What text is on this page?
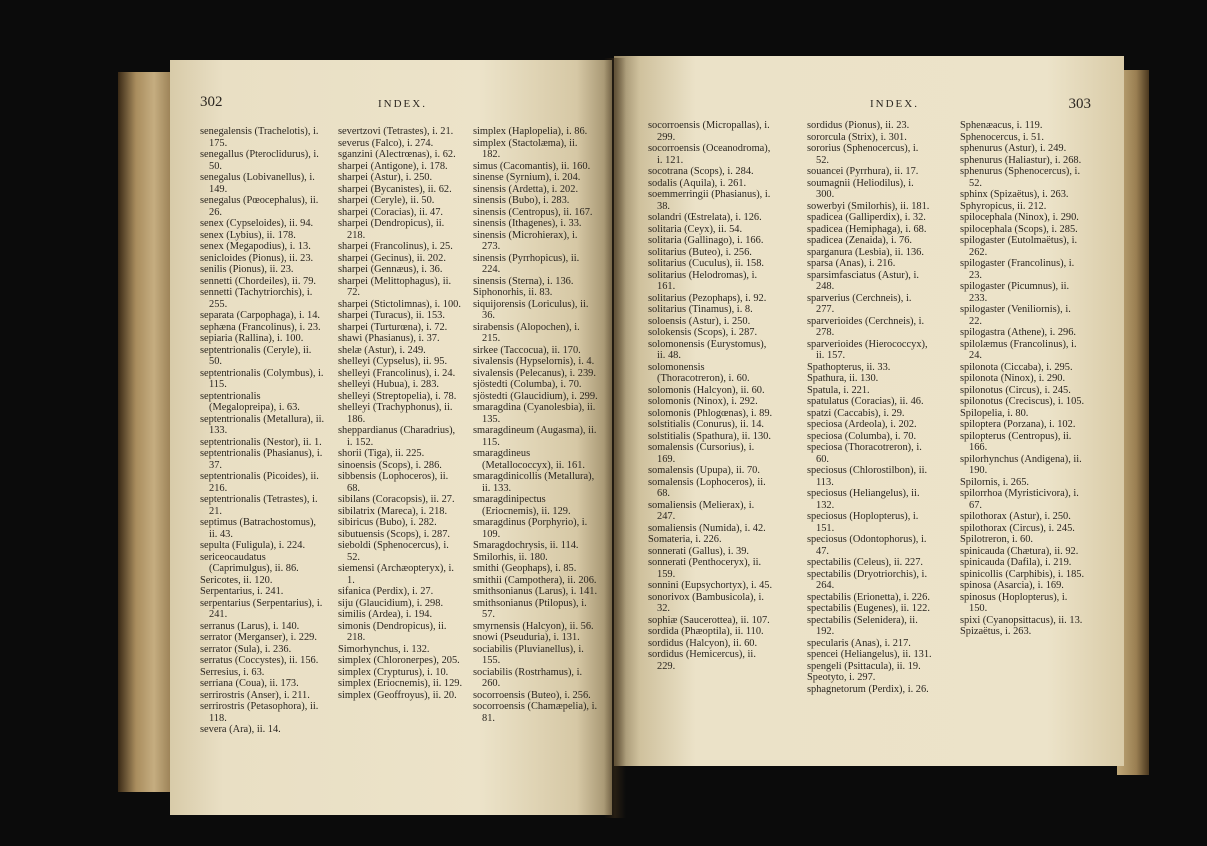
302	INDEX.
senegalensis (Trachelotis), i. 175.
senegallus (Pteroclidurus), i. 50.
senegalus (Lobivanellus), i. 149.
senegalus (Pœocephalus), ii. 26.
senex (Cypseloides), ii. 94.
senex (Lybius), ii. 178.
senex (Megapodius), i. 13.
senicloides (Pionus), ii. 23.
senilis (Pionus), ii. 23.
sennetti (Chordeiles), ii. 79.
sennetti (Tachytriorchis), i. 255.
separata (Carpophaga), i. 14.
sephæna (Francolinus), i. 23.
sepiaria (Rallina), i. 100.
septentrionalis (Ceryle), ii. 50.
septentrionalis (Colymbus), i. 115.
septentrionalis (Megalopreipa), i. 63.
septentrionalis (Metallura), ii. 133.
septentrionalis (Nestor), ii. 1.
septentrionalis (Phasianus), i. 37.
septentrionalis (Picoides), ii. 216.
septentrionalis (Tetrastes), i. 21.
septimus (Batrachostomus), ii. 43.
sepulta (Fuligula), i. 224.
sericeocaudatus (Caprimulgus), ii. 86.
Sericotes, ii. 120.
Serpentarius, i. 241.
serpentarius (Serpentarius), i. 241.
serranus (Larus), i. 140.
serrator (Merganser), i. 229.
serrator (Sula), i. 236.
serratus (Coccystes), ii. 156.
Serresius, i. 63.
serriana (Coua), ii. 173.
serrirostris (Anser), i. 211.
serrirostris (Petasophora), ii. 118.
severa (Ara), ii. 14.
severtzovi (Tetrastes), i. 21.
severus (Falco), i. 274.
sganzini (Alectrœnas), i. 62.
sharpei (Antigone), i. 178.
sharpei (Astur), i. 250.
sharpei (Bycanistes), ii. 62.
sharpei (Ceryle), ii. 50.
sharpei (Coracias), ii. 47.
sharpei (Dendropicus), ii. 218.
sharpei (Francolinus), i. 25.
sharpei (Gecinus), ii. 202.
sharpei (Gennæus), i. 36.
sharpei (Melittophagus), ii. 72.
sharpei (Stictolimnas), i. 100.
sharpei (Turacus), ii. 153.
sharpei (Turturœna), i. 72.
shawi (Phasianus), i. 37.
shelæ (Astur), i. 249.
shelleyi (Cypselus), ii. 95.
shelleyi (Francolinus), i. 24.
shelleyi (Hubua), i. 283.
shelleyi (Streptopelia), i. 78.
shelleyi (Trachyphonus), ii. 186.
sheppardianus (Charadrius), i. 152.
shorii (Tiga), ii. 225.
sinoensis (Scops), i. 286.
sibbensis (Lophoceros), ii. 68.
sibilans (Coracopsis), ii. 27.
sibilatrix (Mareca), i. 218.
sibiricus (Bubo), i. 282.
sibutuensis (Scops), i. 287.
sieboldi (Sphenocercus), i. 52.
siemensi (Archæopteryx), i. 1.
sifanica (Perdix), i. 27.
siju (Glaucidium), i. 298.
similis (Ardea), i. 194.
simonis (Dendropicus), ii. 218.
Simorhynchus, i. 132.
simplex (Chloronerpes), 205.
simplex (Crypturus), i. 10.
simplex (Eriocnemis), ii. 129.
simplex (Geoffroyus), ii. 20.
simplex (Haplopelia), i. 86.
simplex (Stactolæma), ii. 182.
simus (Cacomantis), ii. 160.
sinense (Syrnium), i. 204.
sinensis (Ardetta), i. 202.
sinensis (Bubo), i. 283.
sinensis (Centropus), ii. 167.
sinensis (Ithagenes), i. 33.
sinensis (Microhierax), i. 273.
sinensis (Pyrrhopicus), ii. 224.
sinensis (Sterna), i. 136.
Siphonorhis, ii. 83.
siquijorensis (Loriculus), ii. 36.
sirabensis (Alopochen), i. 215.
sirkee (Taccocua), ii. 170.
sivalensis (Hypselornis), i. 4.
sivalensis (Pelecanus), i. 239.
sjöstedti (Columba), i. 70.
sjöstedti (Glaucidium), i. 299.
smaragdina (Cyanolesbia), ii. 135.
smaragdineum (Augasma), ii. 115.
smaragdineus (Metallococcyx), ii. 161.
smaragdinicollis (Metallura), ii. 133.
smaragdinipectus (Eriocnemis), ii. 129.
smaragdinus (Porphyrio), i. 109.
Smaragdochrysis, ii. 114.
Smilorhis, ii. 180.
smithi (Geophaps), i. 85.
smithii (Campothera), ii. 206.
smithsonianus (Larus), i. 141.
smithsonianus (Ptilopus), i. 57.
smyrnensis (Halcyon), ii. 56.
snowi (Pseuduria), i. 131.
sociabilis (Pluvianellus), i. 155.
sociabilis (Rostrhamus), i. 260.
socorroensis (Buteo), i. 256.
socorroensis (Chamæpelia), i. 81.
303
INDEX.
socorroensis (Micropallas), i. 299.
socorroensis (Oceanodroma), i. 121.
socotrana (Scops), i. 284.
sodalis (Aquila), i. 261.
soemmerringii (Phasianus), i. 38.
solandri (Œstrelata), i. 126.
solitaria (Ceyx), ii. 54.
solitaria (Gallinago), i. 166.
solitarius (Buteo), i. 256.
solitarius (Cuculus), ii. 158.
solitarius (Helodromas), i. 161.
solitarius (Pezophaps), i. 92.
solitarius (Tinamus), i. 8.
soloensis (Astur), i. 250.
solokensis (Scops), i. 287.
solomonensis (Eurystomus), ii. 48.
solomonensis (Thoracotreron), i. 60.
solomonis (Halcyon), ii. 60.
solomonis (Ninox), i. 292.
solomonis (Phlogœnas), i. 89.
solstitialis (Conurus), ii. 14.
solstitialis (Spathura), ii. 130.
somalensis (Cursorius), i. 169.
somalensis (Upupa), ii. 70.
somalensis (Lophoceros), ii. 68.
somaliensis (Melierax), i. 247.
somaliensis (Numida), i. 42.
Somateria, i. 226.
sonnerati (Gallus), i. 39.
sonnerati (Penthoceryx), ii. 159.
sonnini (Eupsychortyx), i. 45.
sonorivox (Bambusicola), i. 32.
sophiæ (Saucerottea), ii. 107.
sordida (Phæoptila), ii. 110.
sordidus (Halcyon), ii. 60.
sordidus (Hemicercus), ii. 229.
sordidus (Pionus), ii. 23.
sororcula (Strix), i. 301.
sororius (Sphenocercus), i. 52.
souancei (Pyrrhura), ii. 17.
soumagnii (Heliodilus), i. 300.
sowerbyi (Smilorhis), ii. 181.
spadicea (Galliperdix), i. 32.
spadicea (Hemiphaga), i. 68.
spadicea (Zenaida), i. 76.
sparganura (Lesbia), ii. 136.
sparsa (Anas), i. 216.
sparsimfasciatus (Astur), i. 248.
sparverius (Cerchneis), i. 277.
sparverioides (Cerchneis), i. 278.
sparverioides (Hierococcyx), ii. 157.
Spathopterus, ii. 33.
Spathura, ii. 130.
Spatula, i. 221.
spatulatus (Coracias), ii. 46.
spatzi (Caccabis), i. 29.
speciosa (Ardeola), i. 202.
speciosa (Columba), i. 70.
speciosa (Thoracotreron), i. 60.
speciosus (Chlorostilbon), ii. 113.
speciosus (Heliangelus), ii. 132.
speciosus (Hoplopterus), i. 151.
speciosus (Odontophorus), i. 47.
spectabilis (Celeus), ii. 227.
spectabilis (Dryotriorchis), i. 264.
spectabilis (Erionetta), i. 226.
spectabilis (Eugenes), ii. 122.
spectabilis (Selenidera), ii. 192.
specularis (Anas), i. 217.
spencei (Heliangelus), ii. 131.
spengeli (Psittacula), ii. 19.
Speotyto, i. 297.
sphagnetorum (Perdix), i. 26.
Sphenæacus, i. 119.
Sphenocercus, i. 51.
sphenurus (Astur), i. 249.
sphenurus (Haliastur), i. 268.
sphenurus (Sphenocercus), i. 52.
sphinx (Spizaëtus), i. 263.
Sphyropicus, ii. 212.
spilocephala (Ninox), i. 290.
spilocephala (Scops), i. 285.
spilogaster (Eutolmaëtus), i. 262.
spilogaster (Francolinus), i. 23.
spilogaster (Picumnus), ii. 233.
spilogaster (Veniliornis), i. 22.
spilogastra (Athene), i. 296.
spilolæmus (Francolinus), i. 24.
spilonota (Ciccaba), i. 295.
spilonota (Ninox), i. 290.
spilonotus (Circus), i. 245.
spilonotus (Creciscus), i. 105.
Spilopelia, i. 80.
spiloptera (Porzana), i. 102.
spilopterus (Centropus), ii. 166.
spilorhynchus (Andigena), ii. 190.
Spilornis, i. 265.
spilorrhoa (Myristicivora), i. 67.
spilothorax (Astur), i. 250.
spilothorax (Circus), i. 245.
Spilotreron, i. 60.
spinicauda (Chætura), ii. 92.
spinicauda (Dafila), i. 219.
spinicollis (Carphibis), i. 185.
spinosa (Asarcia), i. 169.
spinosus (Hoplopterus), i. 150.
spixi (Cyanopsittacus), ii. 13.
Spizaëtus, i. 263.
